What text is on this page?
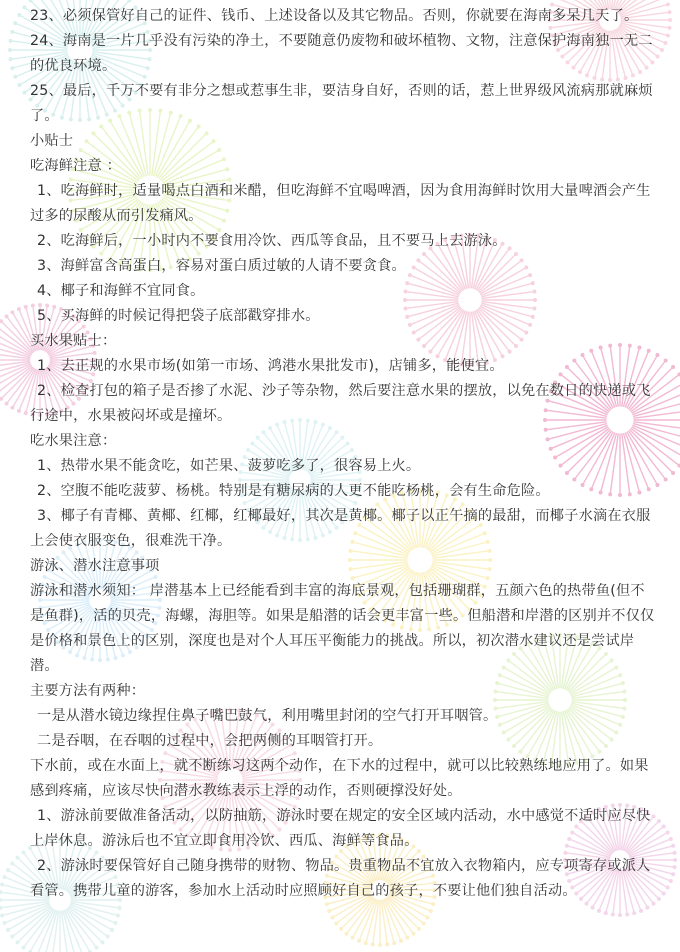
23、必须保管好自己的证件、钱币、上述设备以及其它物品。否则，你就要在海南多呆几天了。

24、海南是一片几乎没有污染的净土，不要随意仍废物和破坏植物、文物，注意保护海南独一无二的优良环境。

25、最后，千万不要有非分之想或惹事生非，要洁身自好，否则的话，惹上世界级风流病那就麻烦了。

小贴士

吃海鲜注意 ：

1、吃海鲜时，适量喝点白酒和米醋，但吃海鲜不宜喝啤酒，因为食用海鲜时饮用大量啤酒会产生过多的尿酸从而引发痛风。

2、吃海鲜后，一小时内不要食用冷饮、西瓜等食品，且不要马上去游泳。

3、海鲜富含高蛋白，容易对蛋白质过敏的人请不要贪食。

4、椰子和海鲜不宜同食。

5、买海鲜的时候记得把袋子底部戳穿排水。

买水果贴士：

1、去正规的水果市场(如第一市场、鸿港水果批发市)，店铺多，能便宜。

2、检查打包的箱子是否掺了水泥、沙子等杂物，然后要注意水果的摆放，以免在数日的快递或飞行途中，水果被闷坏或是撞坏。

吃水果注意：

1、热带水果不能贪吃，如芒果、菠萝吃多了，很容易上火。

2、空腹不能吃菠萝、杨桃。特别是有糖尿病的人更不能吃杨桃，会有生命危险。

3、椰子有青椰、黄椰、红椰，红椰最好，其次是黄椰。椰子以正午摘的最甜，而椰子水滴在衣服上会使衣服变色，很难洗干净。

游泳、潜水注意事项

游泳和潜水须知： 岸潜基本上已经能看到丰富的海底景观，包括珊瑚群，五颜六色的热带鱼(但不是鱼群)，活的贝壳，海螺，海胆等。如果是船潜的话会更丰富一些。但船潜和岸潜的区别并不仅仅是价格和景色上的区别，深度也是对个人耳压平衡能力的挑战。所以，初次潜水建议还是尝试岸潜。

主要方法有两种：

一是从潜水镜边缘捏住鼻子嘴巴鼓气，利用嘴里封闭的空气打开耳咽管。

二是吞咽，在吞咽的过程中，会把两侧的耳咽管打开。

下水前，或在水面上，就不断练习这两个动作，在下水的过程中，就可以比较熟练地应用了。如果感到疼痛，应该尽快向潜水教练表示上浮的动作，否则硬撑没好处。

1、游泳前要做准备活动，以防抽筋，游泳时要在规定的安全区域内活动，水中感觉不适时应尽快上岸休息。游泳后也不宜立即食用冷饮、西瓜、海鲜等食品。

2、游泳时要保管好自己随身携带的财物、物品。贵重物品不宜放入衣物箱内，应专项寄存或派人看管。携带儿童的游客，参加水上活动时应照顾好自己的孩子，不要让他们独自活动。
